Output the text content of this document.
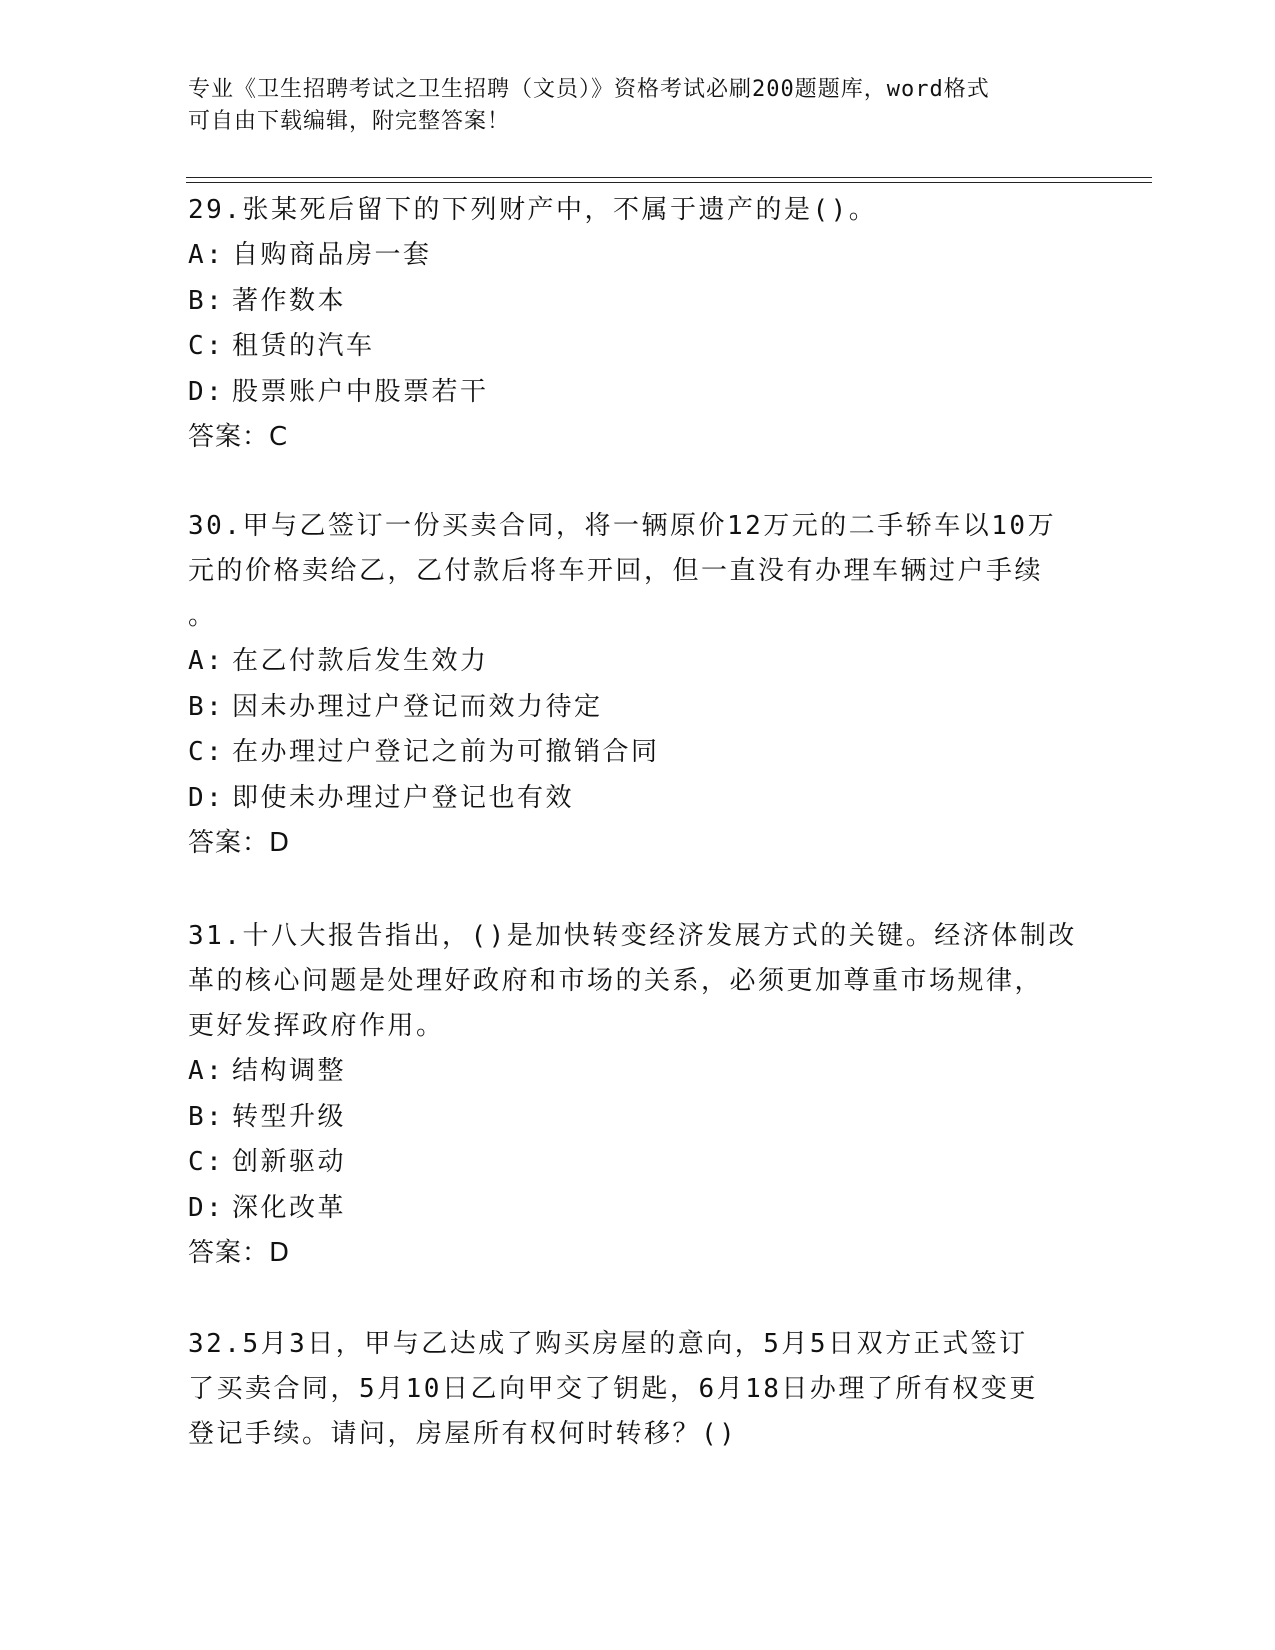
专业《卫生招聘考试之卫生招聘（文员）》资格考试必刷200题题库，word格式
可自由下载编辑，附完整答案！

29.张某死后留下的下列财产中，不属于遗产的是()。

A: 自购商品房一套

B: 著作数本

C: 租赁的汽车

D: 股票账户中股票若干

答案：C

30.甲与乙签订一份买卖合同，将一辆原价12万元的二手轿车以10万

元的价格卖给乙，乙付款后将车开回，但一直没有办理车辆过户手续

。

A: 在乙付款后发生效力

B: 因未办理过户登记而效力待定

C: 在办理过户登记之前为可撤销合同

D: 即使未办理过户登记也有效

答案：D

31.十八大报告指出，()是加快转变经济发展方式的关键。经济体制改

革的核心问题是处理好政府和市场的关系，必须更加尊重市场规律，

更好发挥政府作用。

A: 结构调整

B: 转型升级

C: 创新驱动

D: 深化改革

答案：D

32.5月3日，甲与乙达成了购买房屋的意向，5月5日双方正式签订

了买卖合同，5月10日乙向甲交了钥匙，6月18日办理了所有权变更

登记手续。请问，房屋所有权何时转移？()
